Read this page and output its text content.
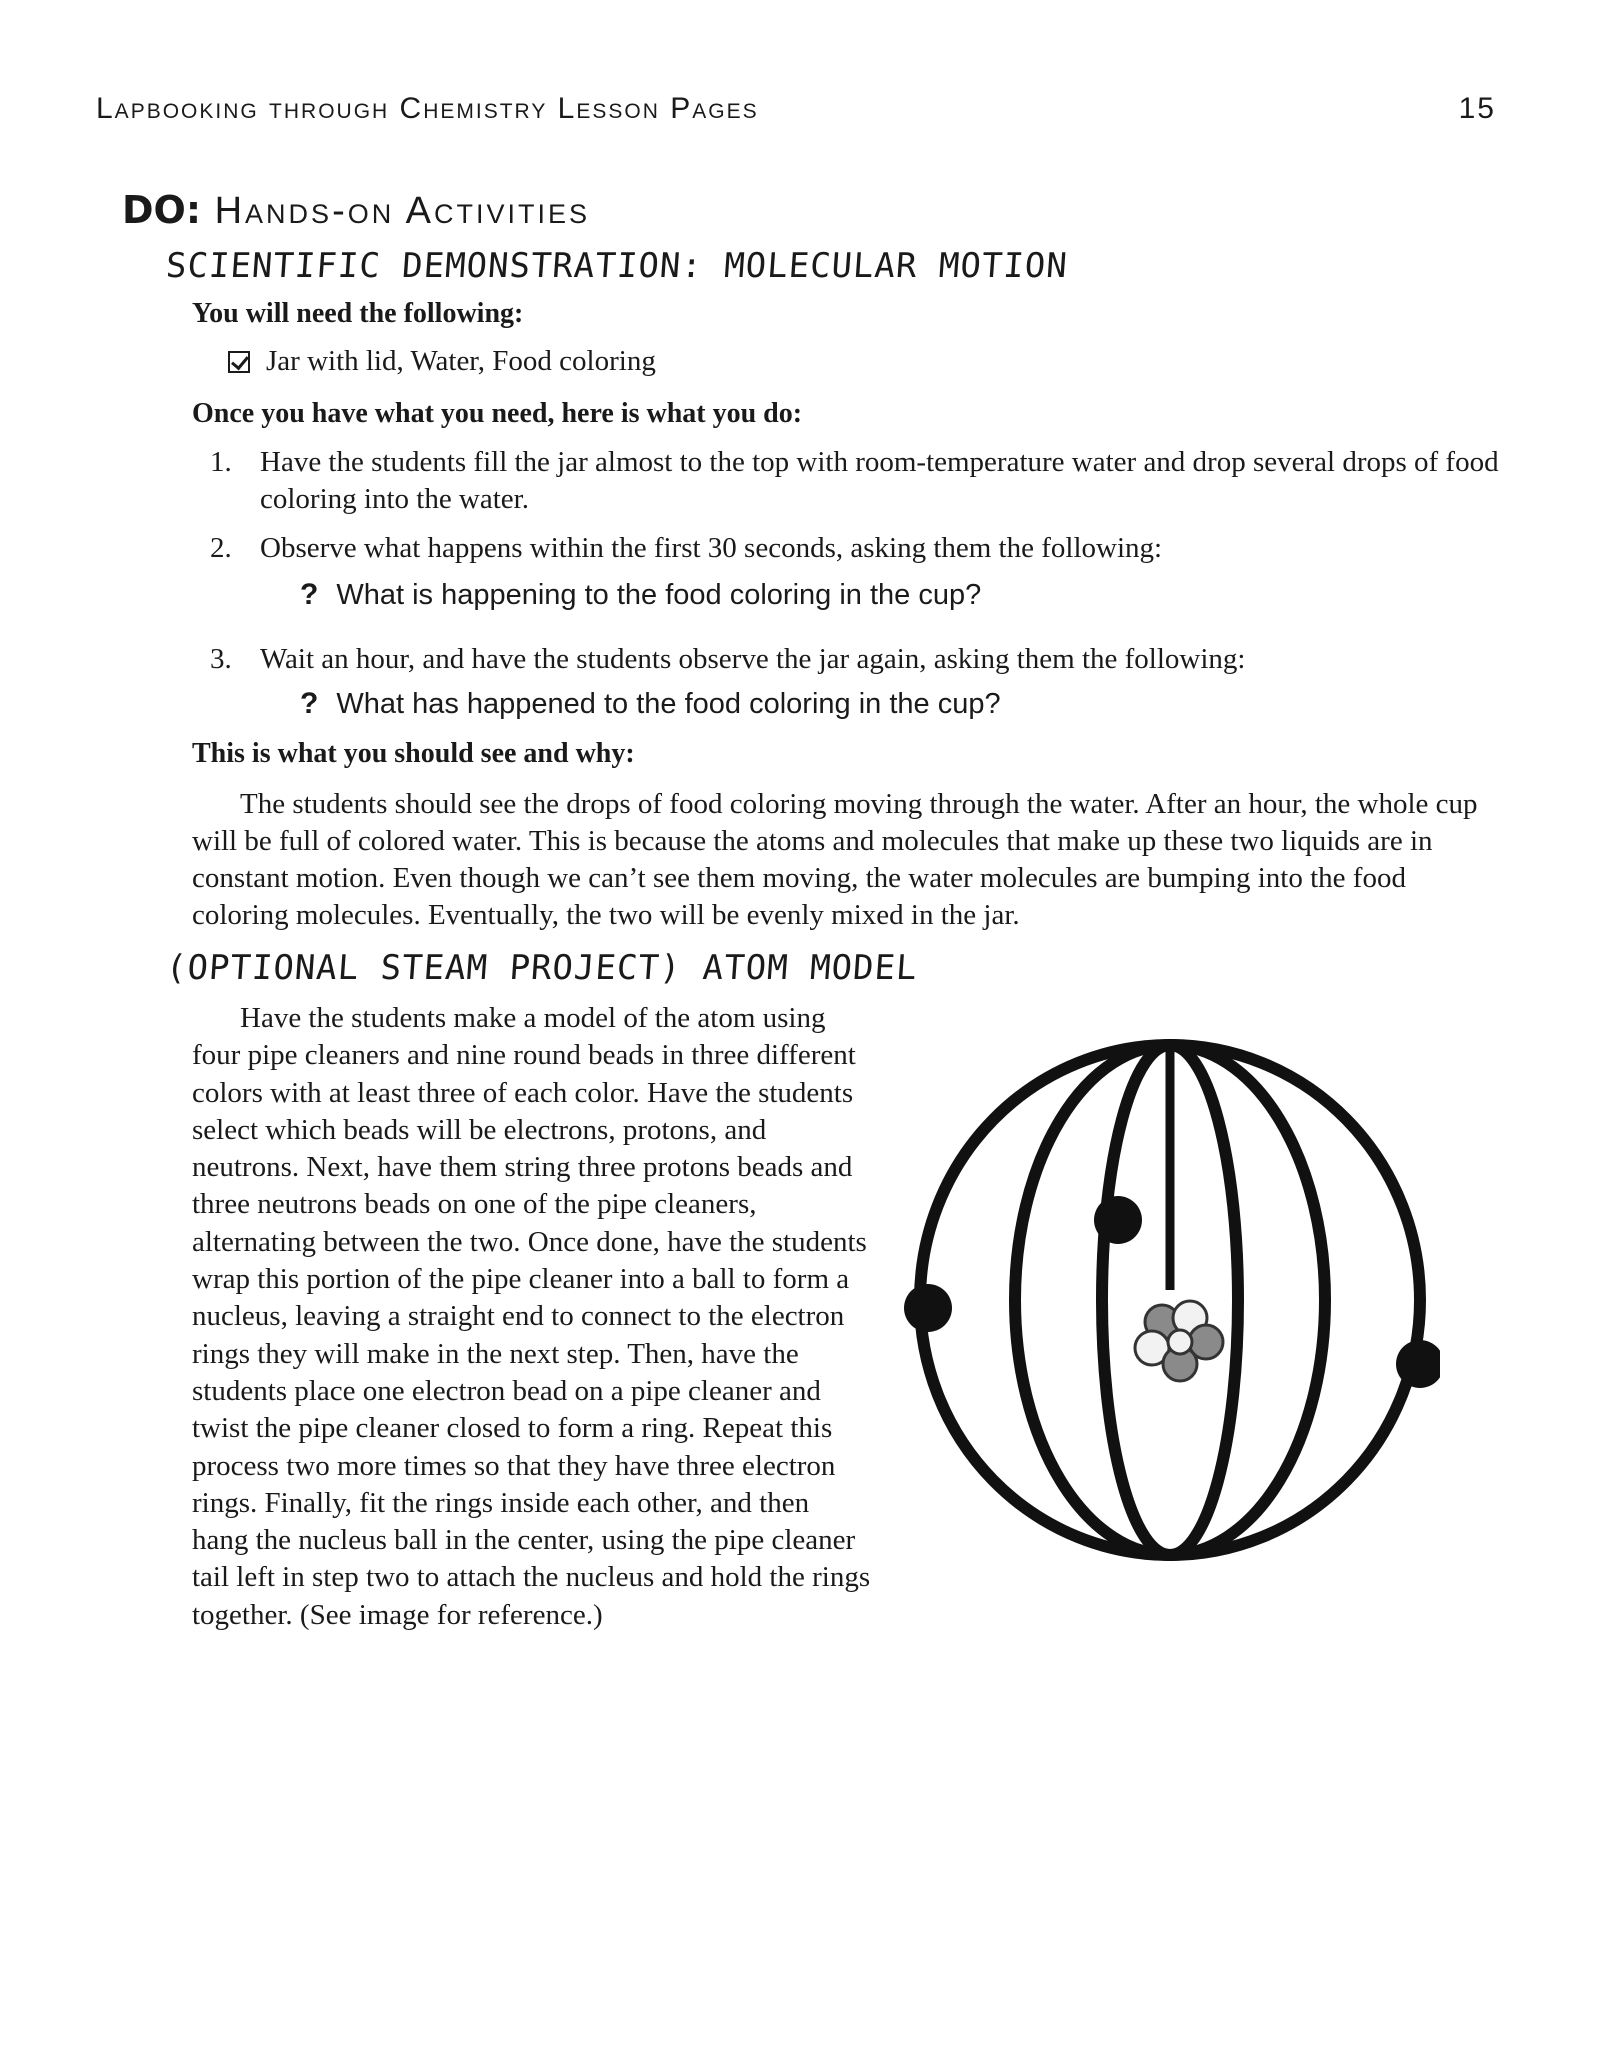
Lapbooking through Chemistry Lesson Pages	15
DO: Hands-on Activities
SCIENTIFIC DEMONSTRATION: MOLECULAR MOTION
You will need the following:
Jar with lid, Water, Food coloring
Once you have what you need, here is what you do:
1. Have the students fill the jar almost to the top with room-temperature water and drop several drops of food coloring into the water.
2. Observe what happens within the first 30 seconds, asking them the following:
? What is happening to the food coloring in the cup?
3. Wait an hour, and have the students observe the jar again, asking them the following:
? What has happened to the food coloring in the cup?
This is what you should see and why:

The students should see the drops of food coloring moving through the water. After an hour, the whole cup will be full of colored water. This is because the atoms and molecules that make up these two liquids are in constant motion. Even though we can’t see them moving, the water molecules are bumping into the food coloring molecules. Eventually, the two will be evenly mixed in the jar.

(OPTIONAL STEAM PROJECT) ATOM MODEL

Have the students make a model of the atom using four pipe cleaners and nine round beads in three different colors with at least three of each color. Have the students select which beads will be electrons, protons, and neutrons. Next, have them string three protons beads and three neutrons beads on one of the pipe cleaners, alternating between the two. Once done, have the students wrap this portion of the pipe cleaner into a ball to form a nucleus, leaving a straight end to connect to the electron rings they will make in the next step. Then, have the students place one electron bead on a pipe cleaner and twist the pipe cleaner closed to form a ring. Repeat this process two more times so that they have three electron rings. Finally, fit the rings inside each other, and then hang the nucleus ball in the center, using the pipe cleaner tail left in step two to attach the nucleus and hold the rings together. (See image for reference.)
